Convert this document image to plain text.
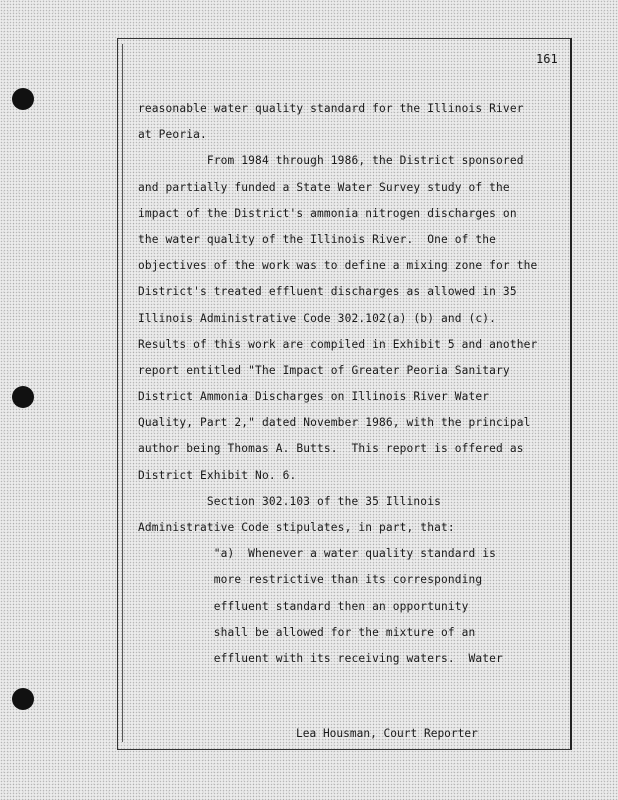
161
reasonable water quality standard for the Illinois River
at Peoria.
From 1984 through 1986, the District sponsored
and partially funded a State Water Survey study of the
impact of the District's ammonia nitrogen discharges on
the water quality of the Illinois River.  One of the
objectives of the work was to define a mixing zone for the
District's treated effluent discharges as allowed in 35
Illinois Administrative Code 302.102(a) (b) and (c).
Results of this work are compiled in Exhibit 5 and another
report entitled "The Impact of Greater Peoria Sanitary
District Ammonia Discharges on Illinois River Water
Quality, Part 2," dated November 1986, with the principal
author being Thomas A. Butts.  This report is offered as
District Exhibit No. 6.
Section 302.103 of the 35 Illinois
Administrative Code stipulates, in part, that:
"a)  Whenever a water quality standard is
more restrictive than its corresponding
effluent standard then an opportunity
shall be allowed for the mixture of an
effluent with its receiving waters.  Water
Lea Housman, Court Reporter
